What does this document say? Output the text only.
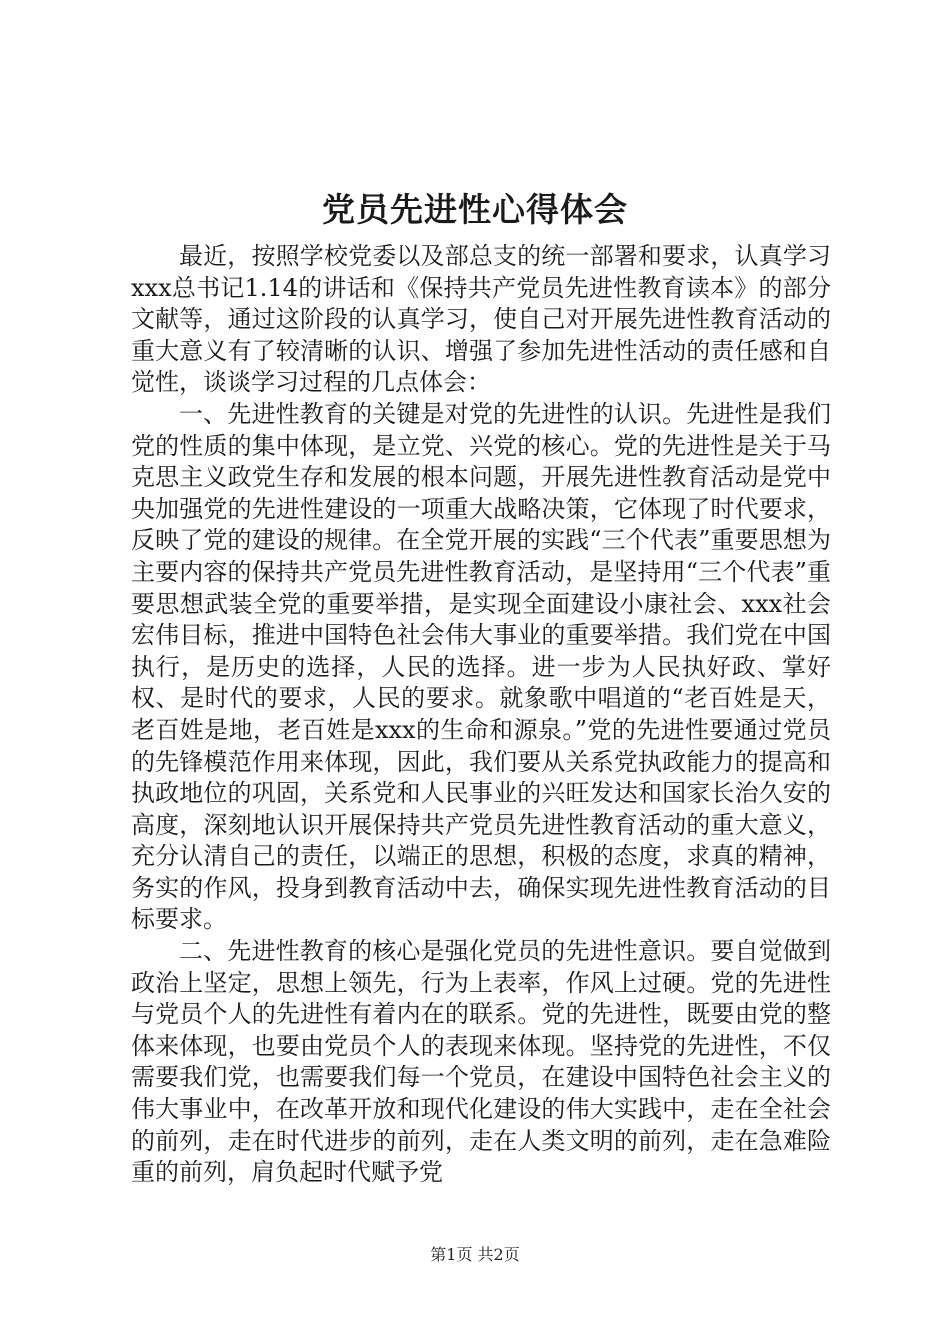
党员先进性心得体会

最近，按照学校党委以及部总支的统一部署和要求，认真学习xxx总书记1.14的讲话和《保持共产党员先进性教育读本》的部分文献等，通过这阶段的认真学习，使自己对开展先进性教育活动的重大意义有了较清晰的认识、增强了参加先进性活动的责任感和自觉性，谈谈学习过程的几点体会：

一、先进性教育的关键是对党的先进性的认识。先进性是我们党的性质的集中体现，是立党、兴党的核心。党的先进性是关于马克思主义政党生存和发展的根本问题，开展先进性教育活动是党中央加强党的先进性建设的一项重大战略决策，它体现了时代要求，反映了党的建设的规律。在全党开展的实践“三个代表”重要思想为主要内容的保持共产党员先进性教育活动，是坚持用“三个代表”重要思想武装全党的重要举措，是实现全面建设小康社会、xxx社会宏伟目标，推进中国特色社会伟大事业的重要举措。我们党在中国执行，是历史的选择，人民的选择。进一步为人民执好政、掌好权、是时代的要求，人民的要求。就象歌中唱道的“老百姓是天，老百姓是地，老百姓是xxx的生命和源泉。”党的先进性要通过党员的先锋模范作用来体现，因此，我们要从关系党执政能力的提高和执政地位的巩固，关系党和人民事业的兴旺发达和国家长治久安的高度，深刻地认识开展保持共产党员先进性教育活动的重大意义，充分认清自己的责任，以端正的思想，积极的态度，求真的精神，务实的作风，投身到教育活动中去，确保实现先进性教育活动的目标要求。

二、先进性教育的核心是强化党员的先进性意识。要自觉做到政治上坚定，思想上领先，行为上表率，作风上过硬。党的先进性与党员个人的先进性有着内在的联系。党的先进性，既要由党的整体来体现，也要由党员个人的表现来体现。坚持党的先进性，不仅需要我们党，也需要我们每一个党员，在建设中国特色社会主义的伟大事业中，在改革开放和现代化建设的伟大实践中，走在全社会的前列，走在时代进步的前列，走在人类文明的前列，走在急难险重的前列，肩负起时代赋予党

第1页 共2页
